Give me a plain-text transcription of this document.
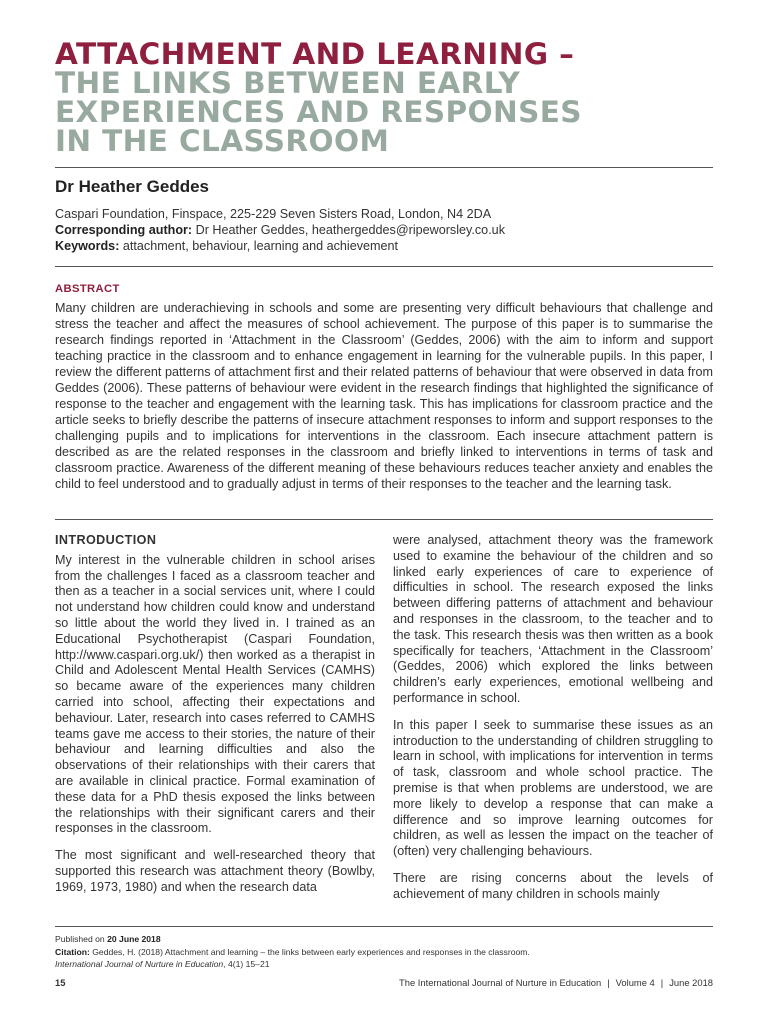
ATTACHMENT AND LEARNING –
THE LINKS BETWEEN EARLY
EXPERIENCES AND RESPONSES
IN THE CLASSROOM

Dr Heather Geddes

Caspari Foundation, Finspace, 225-229 Seven Sisters Road, London, N4 2DA

Corresponding author: Dr Heather Geddes, heathergeddes@ripeworsley.co.uk

Keywords: attachment, behaviour, learning and achievement

ABSTRACT

Many children are underachieving in schools and some are presenting very difficult behaviours that challenge and stress the teacher and affect the measures of school achievement. The purpose of this paper is to summarise the research findings reported in ‘Attachment in the Classroom’ (Geddes, 2006) with the aim to inform and support teaching practice in the classroom and to enhance engagement in learning for the vulnerable pupils. In this paper, I review the different patterns of attachment first and their related patterns of behaviour that were observed in data from Geddes (2006). These patterns of behaviour were evident in the research findings that highlighted the significance of response to the teacher and engagement with the learning task. This has implications for classroom practice and the article seeks to briefly describe the patterns of insecure attachment responses to inform and support responses to the challenging pupils and to implications for interventions in the classroom. Each insecure attachment pattern is described as are the related responses in the classroom and briefly linked to interventions in terms of task and classroom practice. Awareness of the different meaning of these behaviours reduces teacher anxiety and enables the child to feel understood and to gradually adjust in terms of their responses to the teacher and the learning task.

INTRODUCTION

My interest in the vulnerable children in school arises from the challenges I faced as a classroom teacher and then as a teacher in a social services unit, where I could not understand how children could know and understand so little about the world they lived in. I trained as an Educational Psychotherapist (Caspari Foundation, http://www.caspari.org.uk/) then worked as a therapist in Child and Adolescent Mental Health Services (CAMHS) so became aware of the experiences many children carried into school, affecting their expectations and behaviour. Later, research into cases referred to CAMHS teams gave me access to their stories, the nature of their behaviour and learning difficulties and also the observations of their relationships with their carers that are available in clinical practice. Formal examination of these data for a PhD thesis exposed the links between the relationships with their significant carers and their responses in the classroom.

The most significant and well-researched theory that supported this research was attachment theory (Bowlby, 1969, 1973, 1980) and when the research data

were analysed, attachment theory was the framework used to examine the behaviour of the children and so linked early experiences of care to experience of difficulties in school. The research exposed the links between differing patterns of attachment and behaviour and responses in the classroom, to the teacher and to the task. This research thesis was then written as a book specifically for teachers, ‘Attachment in the Classroom’ (Geddes, 2006) which explored the links between children’s early experiences, emotional wellbeing and performance in school.

In this paper I seek to summarise these issues as an introduction to the understanding of children struggling to learn in school, with implications for intervention in terms of task, classroom and whole school practice. The premise is that when problems are understood, we are more likely to develop a response that can make a difference and so improve learning outcomes for children, as well as lessen the impact on the teacher of (often) very challenging behaviours.

There are rising concerns about the levels of achievement of many children in schools mainly

Published on 20 June 2018

Citation: Geddes, H. (2018) Attachment and learning – the links between early experiences and responses in the classroom.

International Journal of Nurture in Education, 4(1) 15–21

15	The International Journal of Nurture in Education | Volume 4 | June 2018
